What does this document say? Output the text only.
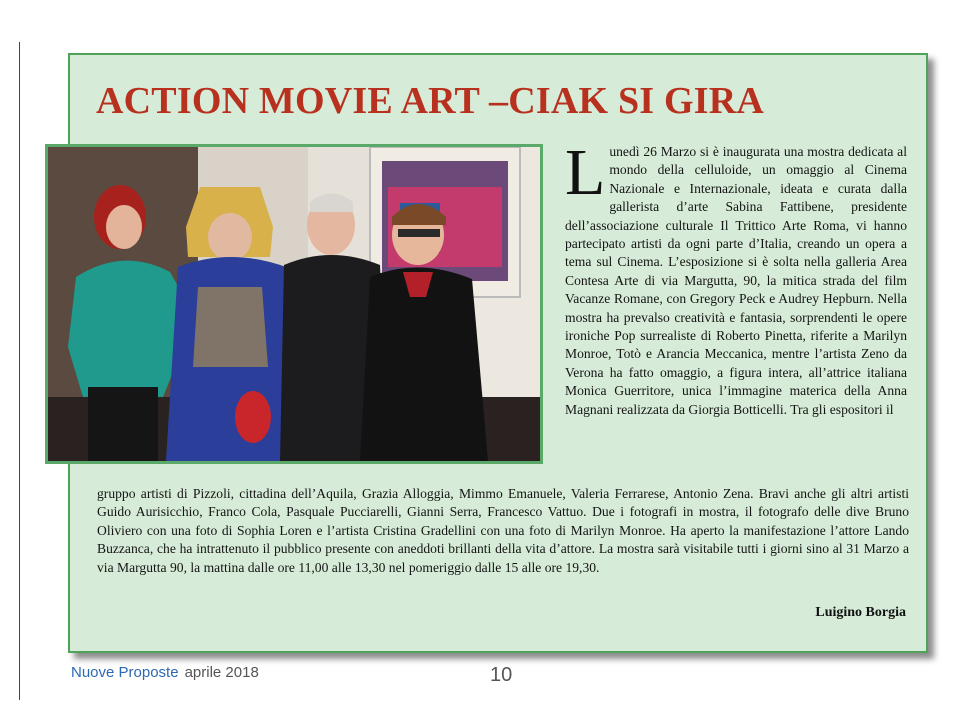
ACTION MOVIE ART –CIAK SI GIRA
Lunedì 26 Marzo si è inaugurata una mostra dedicata al mondo della celluloide, un omaggio al Cinema Nazionale e Internazionale, ideata e curata dalla gallerista d’arte Sabina Fattibene, presidente dell’associazione culturale Il Trittico Arte Roma, vi hanno partecipato artisti da ogni parte d’Italia, creando un opera a tema sul Cinema. L’esposizione si è solta nella galleria Area Contesa Arte di via Margutta, 90, la mitica strada del film Vacanze Romane, con Gregory Peck e Audrey Hepburn. Nella mostra ha prevalso creatività e fantasia, sorprendenti le opere ironiche Pop surrealiste di Roberto Pinetta, riferite a Marilyn Monroe, Totò e Arancia Meccanica, mentre l’artista Zeno da Verona ha fatto omaggio, a figura intera, all’attrice italiana Monica Guerritore, unica l’immagine materica della Anna Magnani realizzata da Giorgia Botticelli. Tra gli espositori il
gruppo artisti di Pizzoli, cittadina dell’Aquila, Grazia Alloggia, Mimmo Emanuele, Valeria Ferrarese, Antonio Zena. Bravi anche gli altri artisti Guido Aurisicchio, Franco Cola, Pasquale Pucciarelli, Gianni Serra, Francesco Vattuo. Due i fotografi in mostra, il fotografo delle dive Bruno Oliviero con una foto di Sophia Loren e l’artista Cristina Gradellini con una foto di Marilyn Monroe. Ha aperto la manifestazione l’attore Lando Buzzanca, che ha intrattenuto il pubblico presente con aneddoti brillanti della vita d’attore. La mostra sarà visitabile tutti i giorni sino al 31 Marzo a via Margutta 90, la mattina dalle ore 11,00 alle 13,30 nel pomeriggio dalle 15 alle ore 19,30.
Luigino Borgia
Nuove Proposte aprile 2018	10
